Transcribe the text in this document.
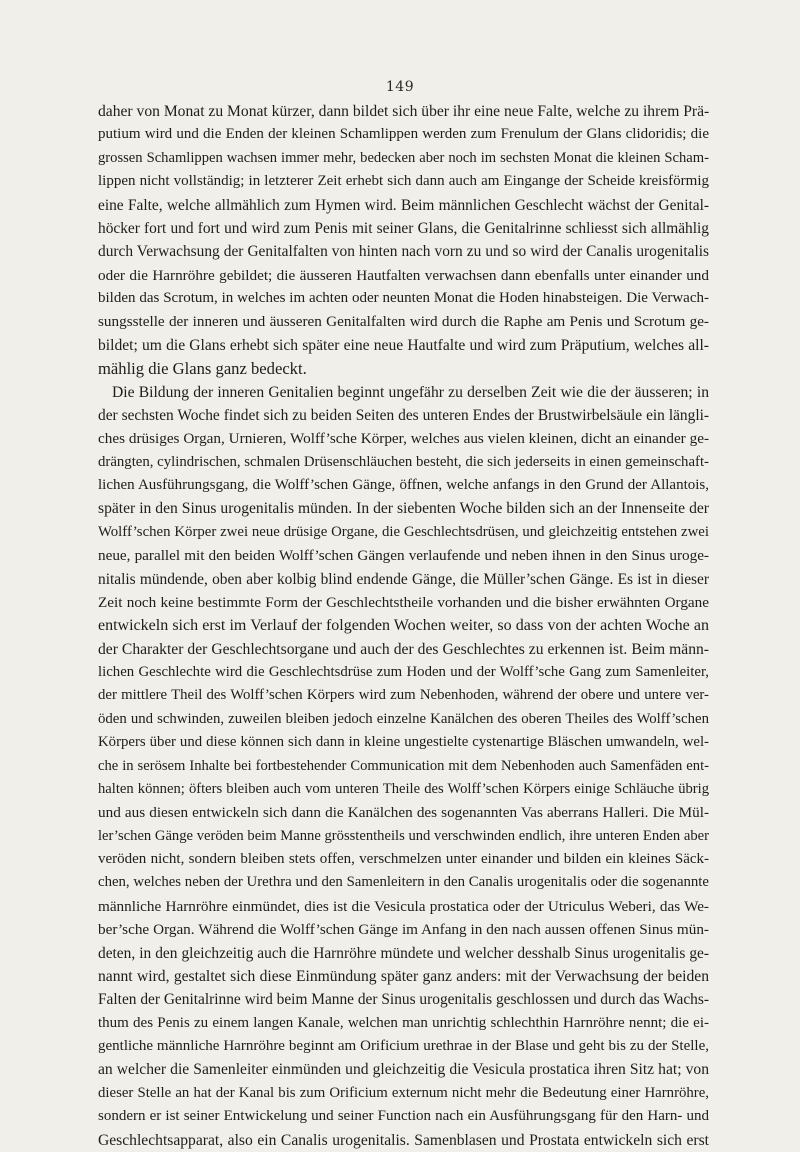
149
daher von Monat zu Monat kürzer, dann bildet sich über ihr eine neue Falte, welche zu ihrem Prä-
putium wird und die Enden der kleinen Schamlippen werden zum Frenulum der Glans clidoridis; die
grossen Schamlippen wachsen immer mehr, bedecken aber noch im sechsten Monat die kleinen Scham-
lippen nicht vollständig; in letzterer Zeit erhebt sich dann auch am Eingange der Scheide kreisförmig
eine Falte, welche allmählich zum Hymen wird. Beim männlichen Geschlecht wächst der Genital-
höcker fort und fort und wird zum Penis mit seiner Glans, die Genitalrinne schliesst sich allmählig
durch Verwachsung der Genitalfalten von hinten nach vorn zu und so wird der Canalis urogenitalis
oder die Harnröhre gebildet; die äusseren Hautfalten verwachsen dann ebenfalls unter einander und
bilden das Scrotum, in welches im achten oder neunten Monat die Hoden hinabsteigen. Die Verwach-
sungsstelle der inneren und äusseren Genitalfalten wird durch die Raphe am Penis und Scrotum ge-
bildet; um die Glans erhebt sich später eine neue Hautfalte und wird zum Präputium, welches all-
mählig die Glans ganz bedeckt.
Die Bildung der inneren Genitalien beginnt ungefähr zu derselben Zeit wie die der äusseren; in
der sechsten Woche findet sich zu beiden Seiten des unteren Endes der Brustwirbelsäule ein längli-
ches drüsiges Organ, Urnieren, Wolff’sche Körper, welches aus vielen kleinen, dicht an einander ge-
drängten, cylindrischen, schmalen Drüsenschläuchen besteht, die sich jederseits in einen gemeinschaft-
lichen Ausführungsgang, die Wolff’schen Gänge, öffnen, welche anfangs in den Grund der Allantois,
später in den Sinus urogenitalis münden. In der siebenten Woche bilden sich an der Innenseite der
Wolff’schen Körper zwei neue drüsige Organe, die Geschlechtsdrüsen, und gleichzeitig entstehen zwei
neue, parallel mit den beiden Wolff’schen Gängen verlaufende und neben ihnen in den Sinus uroge-
nitalis mündende, oben aber kolbig blind endende Gänge, die Müller’schen Gänge. Es ist in dieser
Zeit noch keine bestimmte Form der Geschlechtstheile vorhanden und die bisher erwähnten Organe
entwickeln sich erst im Verlauf der folgenden Wochen weiter, so dass von der achten Woche an
der Charakter der Geschlechtsorgane und auch der des Geschlechtes zu erkennen ist. Beim männ-
lichen Geschlechte wird die Geschlechtsdrüse zum Hoden und der Wolff’sche Gang zum Samenleiter,
der mittlere Theil des Wolff’schen Körpers wird zum Nebenhoden, während der obere und untere ver-
öden und schwinden, zuweilen bleiben jedoch einzelne Kanälchen des oberen Theiles des Wolff’schen
Körpers über und diese können sich dann in kleine ungestielte cystenartige Bläschen umwandeln, wel-
che in serösem Inhalte bei fortbestehender Communication mit dem Nebenhoden auch Samenfäden ent-
halten können; öfters bleiben auch vom unteren Theile des Wolff’schen Körpers einige Schläuche übrig
und aus diesen entwickeln sich dann die Kanälchen des sogenannten Vas aberrans Halleri. Die Mül-
ler’schen Gänge veröden beim Manne grösstentheils und verschwinden endlich, ihre unteren Enden aber
veröden nicht, sondern bleiben stets offen, verschmelzen unter einander und bilden ein kleines Säck-
chen, welches neben der Urethra und den Samenleitern in den Canalis urogenitalis oder die sogenannte
männliche Harnröhre einmündet, dies ist die Vesicula prostatica oder der Utriculus Weberi, das We-
ber’sche Organ. Während die Wolff’schen Gänge im Anfang in den nach aussen offenen Sinus mün-
deten, in den gleichzeitig auch die Harnröhre mündete und welcher desshalb Sinus urogenitalis ge-
nannt wird, gestaltet sich diese Einmündung später ganz anders: mit der Verwachsung der beiden
Falten der Genitalrinne wird beim Manne der Sinus urogenitalis geschlossen und durch das Wachs-
thum des Penis zu einem langen Kanale, welchen man unrichtig schlechthin Harnröhre nennt; die ei-
gentliche männliche Harnröhre beginnt am Orificium urethrae in der Blase und geht bis zu der Stelle,
an welcher die Samenleiter einmünden und gleichzeitig die Vesicula prostatica ihren Sitz hat; von
dieser Stelle an hat der Kanal bis zum Orificium externum nicht mehr die Bedeutung einer Harnröhre,
sondern er ist seiner Entwickelung und seiner Function nach ein Ausführungsgang für den Harn- und
Geschlechtsapparat, also ein Canalis urogenitalis. Samenblasen und Prostata entwickeln sich erst
